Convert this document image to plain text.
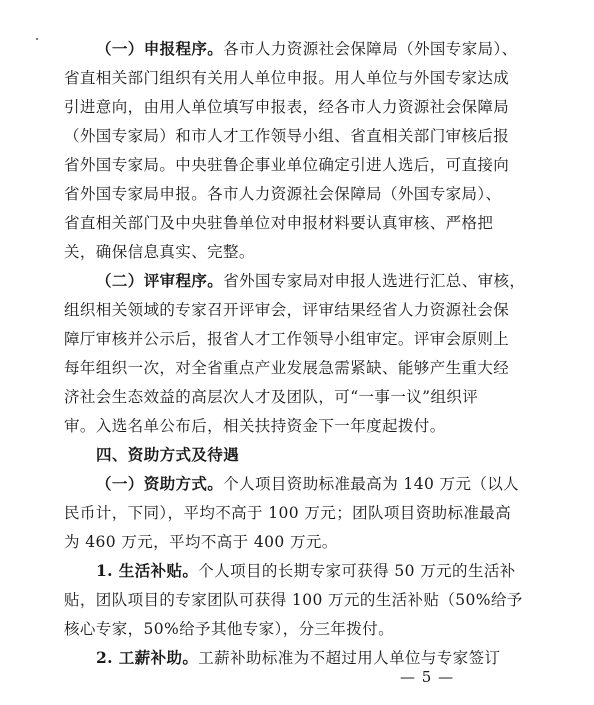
（一）申报程序。各市人力资源社会保障局（外国专家局）、
省直相关部门组织有关用人单位申报。用人单位与外国专家达成
引进意向，由用人单位填写申报表，经各市人力资源社会保障局
（外国专家局）和市人才工作领导小组、省直相关部门审核后报
省外国专家局。中央驻鲁企事业单位确定引进人选后，可直接向
省外国专家局申报。各市人力资源社会保障局（外国专家局）、
省直相关部门及中央驻鲁单位对申报材料要认真审核、严格把
关，确保信息真实、完整。
（二）评审程序。省外国专家局对申报人选进行汇总、审核，
组织相关领域的专家召开评审会，评审结果经省人力资源社会保
障厅审核并公示后，报省人才工作领导小组审定。评审会原则上
每年组织一次，对全省重点产业发展急需紧缺、能够产生重大经
济社会生态效益的高层次人才及团队，可“一事一议”组织评
审。入选名单公布后，相关扶持资金下一年度起拨付。
四、资助方式及待遇
（一）资助方式。个人项目资助标准最高为 140 万元（以人
民币计，下同），平均不高于 100 万元；团队项目资助标准最高
为 460 万元，平均不高于 400 万元。
1. 生活补贴。个人项目的长期专家可获得 50 万元的生活补
贴，团队项目的专家团队可获得 100 万元的生活补贴（50%给予
核心专家，50%给予其他专家），分三年拨付。
2. 工薪补助。工薪补助标准为不超过用人单位与专家签订
— 5 —
